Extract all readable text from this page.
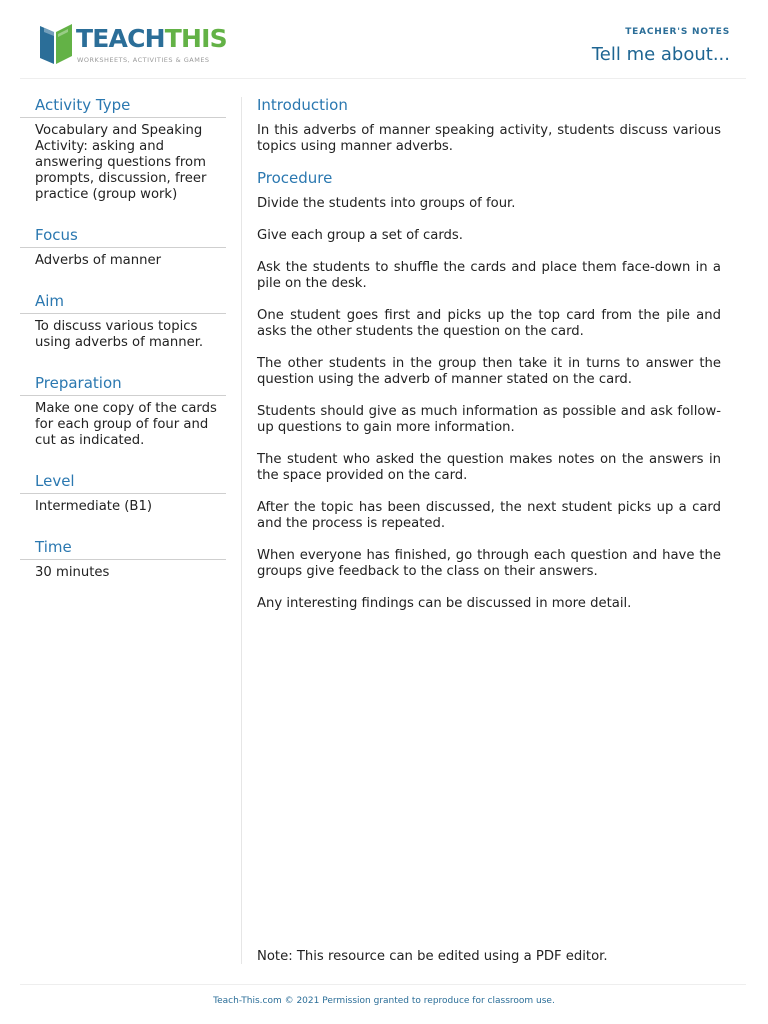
TEACHTHIS
WORKSHEETS, ACTIVITIES & GAMES
TEACHER'S NOTES
Tell me about...
Activity Type
Vocabulary and Speaking Activity: asking and answering questions from prompts, discussion, freer practice (group work)
Focus
Adverbs of manner
Aim
To discuss various topics using adverbs of manner.
Preparation
Make one copy of the cards for each group of four and cut as indicated.
Level
Intermediate (B1)
Time
30 minutes
Introduction

In this adverbs of manner speaking activity, students discuss various topics using manner adverbs.

Procedure

Divide the students into groups of four.

Give each group a set of cards.

Ask the students to shuffle the cards and place them face-down in a pile on the desk.

One student goes first and picks up the top card from the pile and asks the other students the question on the card.

The other students in the group then take it in turns to answer the question using the adverb of manner stated on the card.

Students should give as much information as possible and ask follow-up questions to gain more information.

The student who asked the question makes notes on the answers in the space provided on the card.

After the topic has been discussed, the next student picks up a card and the process is repeated.

When everyone has finished, go through each question and have the groups give feedback to the class on their answers.

Any interesting findings can be discussed in more detail.

Note: This resource can be edited using a PDF editor.
Teach-This.com © 2021 Permission granted to reproduce for classroom use.
